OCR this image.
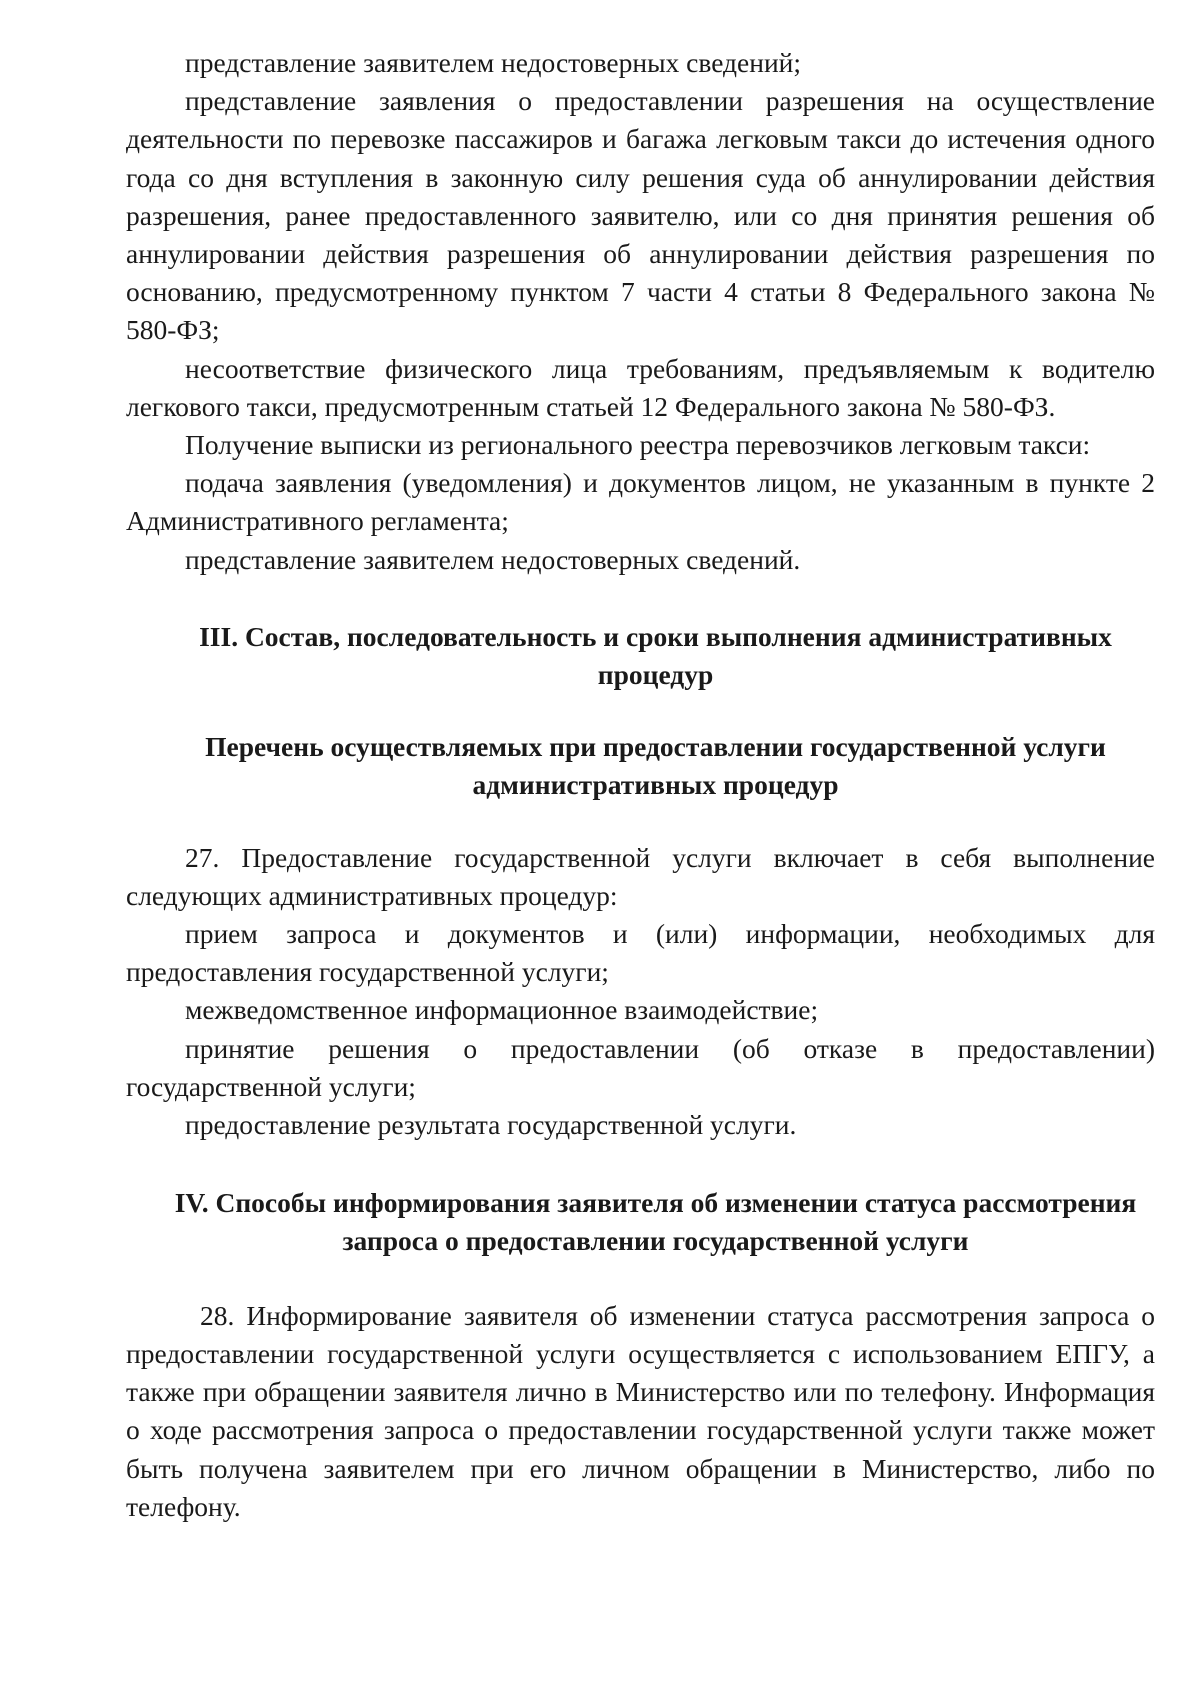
представление заявителем недостоверных сведений;

представление заявления о предоставлении разрешения на осуществление деятельности по перевозке пассажиров и багажа легковым такси до истечения одного года со дня вступления в законную силу решения суда об аннулировании действия разрешения, ранее предоставленного заявителю, или со дня принятия решения об аннулировании действия разрешения об аннулировании действия разрешения по основанию, предусмотренному пунктом 7 части 4 статьи 8 Федерального закона № 580-ФЗ;

несоответствие физического лица требованиям, предъявляемым к водителю легкового такси, предусмотренным статьей 12 Федерального закона № 580-ФЗ.

Получение выписки из регионального реестра перевозчиков легковым такси:

подача заявления (уведомления) и документов лицом, не указанным в пункте 2 Административного регламента;

представление заявителем недостоверных сведений.

III. Состав, последовательность и сроки выполнения административных процедур
Перечень осуществляемых при предоставлении государственной услуги административных процедур

27. Предоставление государственной услуги включает в себя выполнение следующих административных процедур:

прием запроса и документов и (или) информации, необходимых для предоставления государственной услуги;

межведомственное информационное взаимодействие;

принятие решения о предоставлении (об отказе в предоставлении) государственной услуги;

предоставление результата государственной услуги.

IV. Способы информирования заявителя об изменении статуса рассмотрения запроса о предоставлении государственной услуги

28. Информирование заявителя об изменении статуса рассмотрения запроса о предоставлении государственной услуги осуществляется с использованием ЕПГУ, а также при обращении заявителя лично в Министерство или по телефону. Информация о ходе рассмотрения запроса о предоставлении государственной услуги также может быть получена заявителем при его личном обращении в Министерство, либо по телефону.
